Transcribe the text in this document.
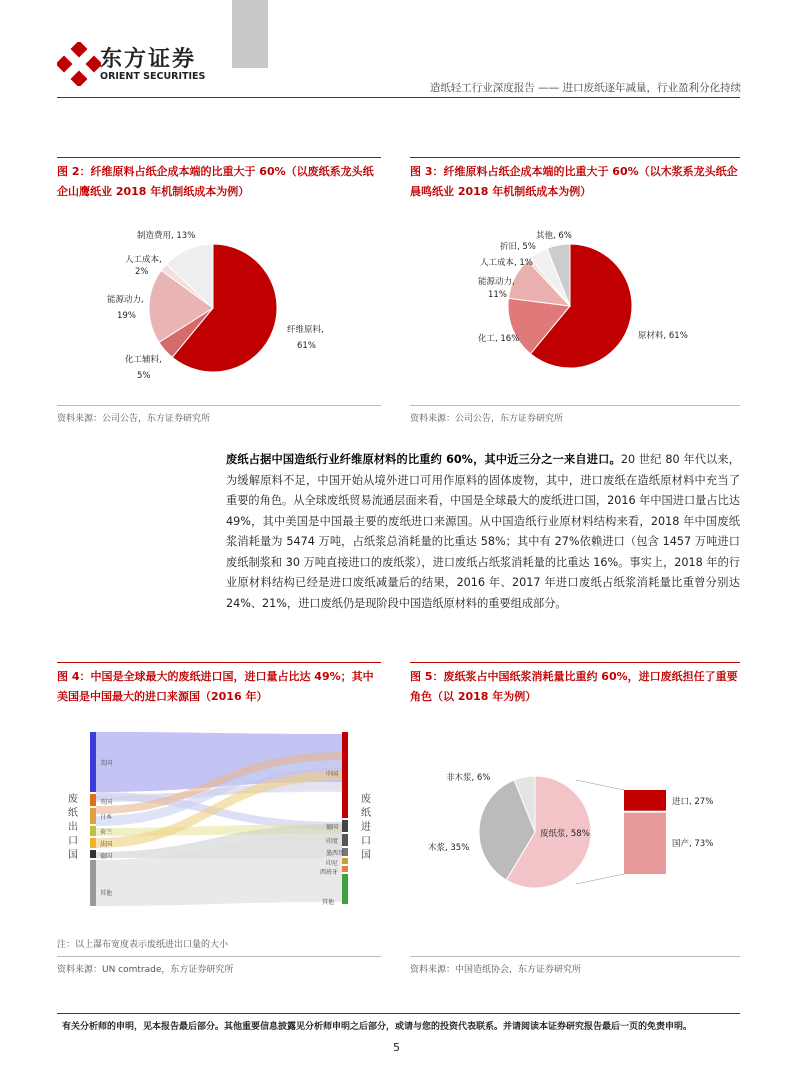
东方证券
ORIENT SECURITIES
造纸轻工行业深度报告 —— 进口废纸逐年减量，行业盈利分化持续
图 2：纤维原料占纸企成本端的比重大于 60%（以废纸系龙头纸企山鹰纸业 2018 年机制纸成本为例）
制造费用, 13%
人工成本,
2%
能源动力,
19%
化工辅料,
5%
纤维原料,
61%
资料来源：公司公告，东方证券研究所
图 3：纤维原料占纸企成本端的比重大于 60%（以木浆系龙头纸企晨鸣纸业 2018 年机制纸成本为例）
其他, 6%
折旧, 5%
人工成本, 1%
能源动力,
11%
化工, 16%	原材料, 61%
资料来源：公司公告，东方证券研究所
废纸占据中国造纸行业纤维原材料的比重约 60%，其中近三分之一来自进口。20 世纪 80 年代以来，为缓解原料不足，中国开始从境外进口可用作原料的固体废物，其中，进口废纸在造纸原材料中充当了重要的角色。从全球废纸贸易流通层面来看，中国是全球最大的废纸进口国，2016 年中国进口量占比达 49%，其中美国是中国最主要的废纸进口来源国。从中国造纸行业原材料结构来看，2018 年中国废纸浆消耗量为 5474 万吨，占纸浆总消耗量的比重达 58%；其中有 27%依赖进口（包含 1457 万吨进口废纸制浆和 30 万吨直接进口的废纸浆），进口废纸占纸浆消耗量的比重达 16%。事实上，2018 年的行业原材料结构已经是进口废纸减量后的结果，2016 年、2017 年进口废纸占纸浆消耗量比重曾分别达 24%、21%，进口废纸仍是现阶段中国造纸原材料的重要组成部分。
图 4：中国是全球最大的废纸进口国，进口量占比达 49%；其中美国是中国最大的进口来源国（2016 年）
废纸出口国
废纸进口国
美国
英国
日本
荷兰
法国
德国
其他
中国
德国
印度
墨西哥
印尼
西班牙
其他
注：以上瀑布宽度表示废纸进出口量的大小
资料来源：UN comtrade，东方证券研究所
图 5：废纸浆占中国纸浆消耗量比重约 60%，进口废纸担任了重要角色（以 2018 年为例）
非木浆, 6%
木浆, 35%
废纸浆, 58%
进口, 27%
国产, 73%
资料来源：中国造纸协会，东方证券研究所
有关分析师的申明，见本报告最后部分。其他重要信息披露见分析师申明之后部分，或请与您的投资代表联系。并请阅读本证券研究报告最后一页的免责申明。
5
